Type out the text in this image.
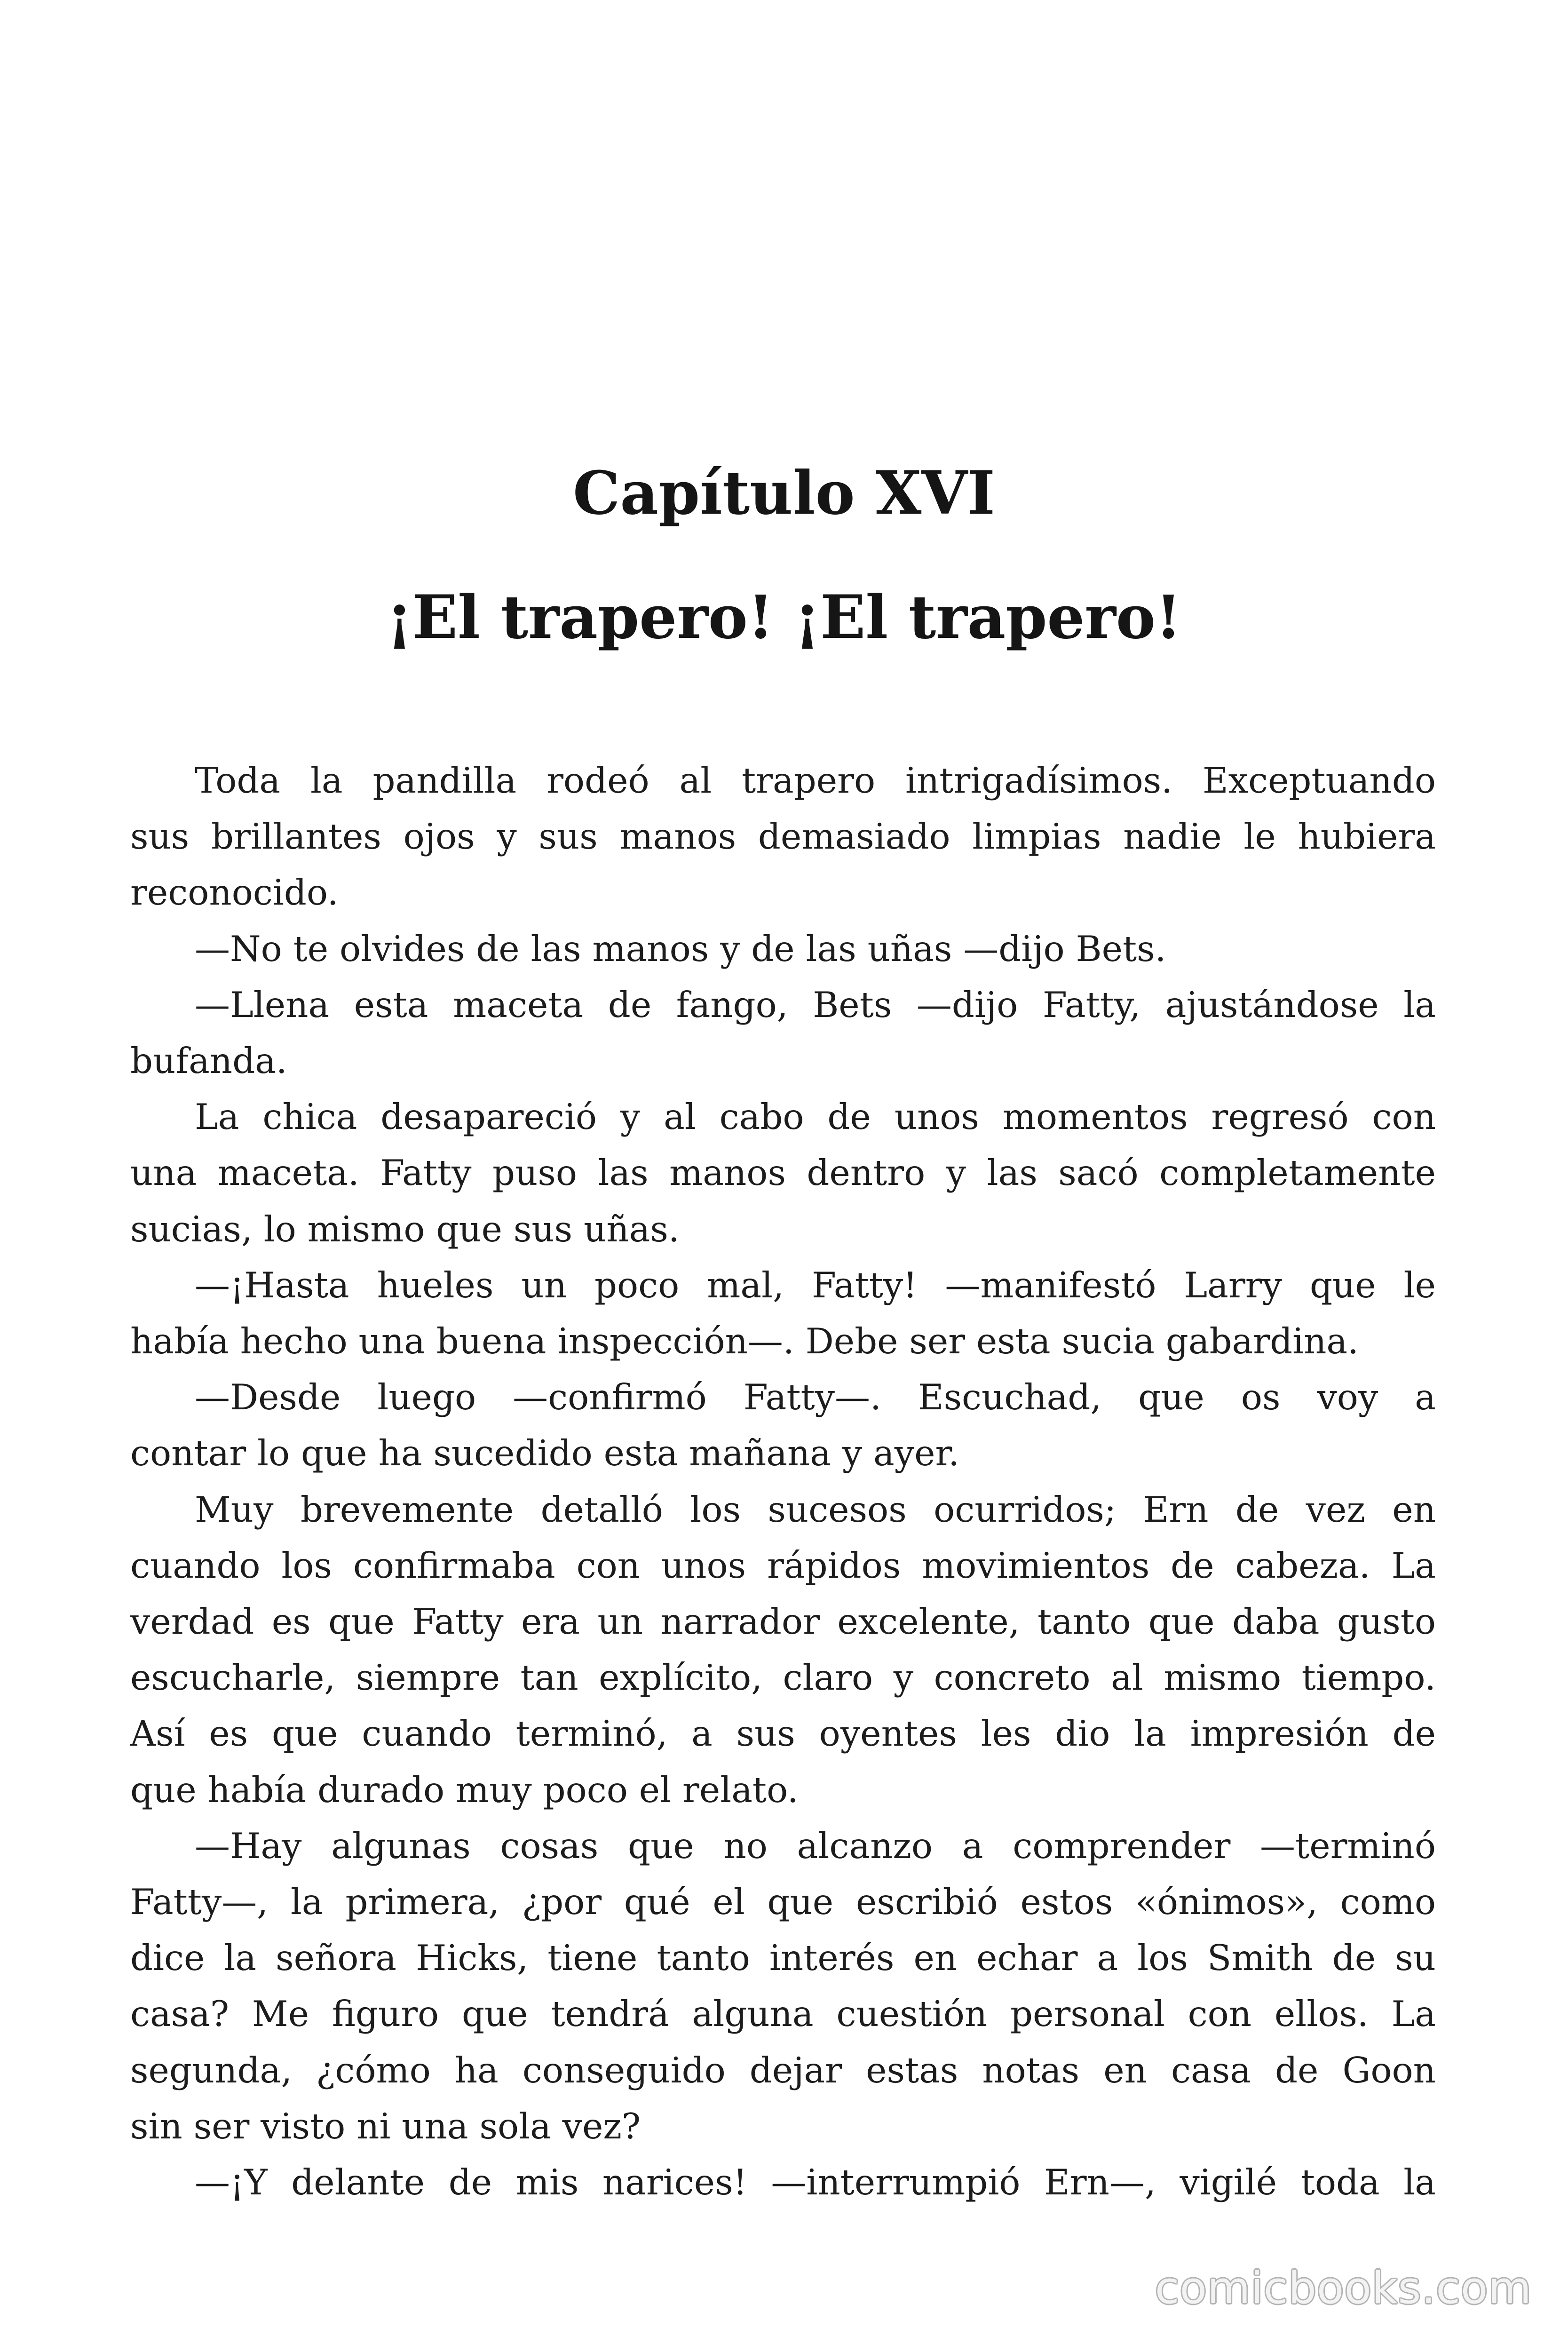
Capítulo XVI
¡El trapero! ¡El trapero!
Toda la pandilla rodeó al trapero intrigadísimos. Exceptuando
sus brillantes ojos y sus manos demasiado limpias nadie le hubiera
reconocido.
—No te olvides de las manos y de las uñas —dijo Bets.
—Llena esta maceta de fango, Bets —dijo Fatty, ajustándose la
bufanda.
La chica desapareció y al cabo de unos momentos regresó con
una maceta. Fatty puso las manos dentro y las sacó completamente
sucias, lo mismo que sus uñas.
—¡Hasta hueles un poco mal, Fatty! —manifestó Larry que le
había hecho una buena inspección—. Debe ser esta sucia gabardina.
—Desde luego —confirmó Fatty—. Escuchad, que os voy a
contar lo que ha sucedido esta mañana y ayer.
Muy brevemente detalló los sucesos ocurridos; Ern de vez en
cuando los confirmaba con unos rápidos movimientos de cabeza. La
verdad es que Fatty era un narrador excelente, tanto que daba gusto
escucharle, siempre tan explícito, claro y concreto al mismo tiempo.
Así es que cuando terminó, a sus oyentes les dio la impresión de
que había durado muy poco el relato.
—Hay algunas cosas que no alcanzo a comprender —terminó
Fatty—, la primera, ¿por qué el que escribió estos «ónimos», como
dice la señora Hicks, tiene tanto interés en echar a los Smith de su
casa? Me figuro que tendrá alguna cuestión personal con ellos. La
segunda, ¿cómo ha conseguido dejar estas notas en casa de Goon
sin ser visto ni una sola vez?
—¡Y delante de mis narices! —interrumpió Ern—, vigilé toda la
comicbooks.com
